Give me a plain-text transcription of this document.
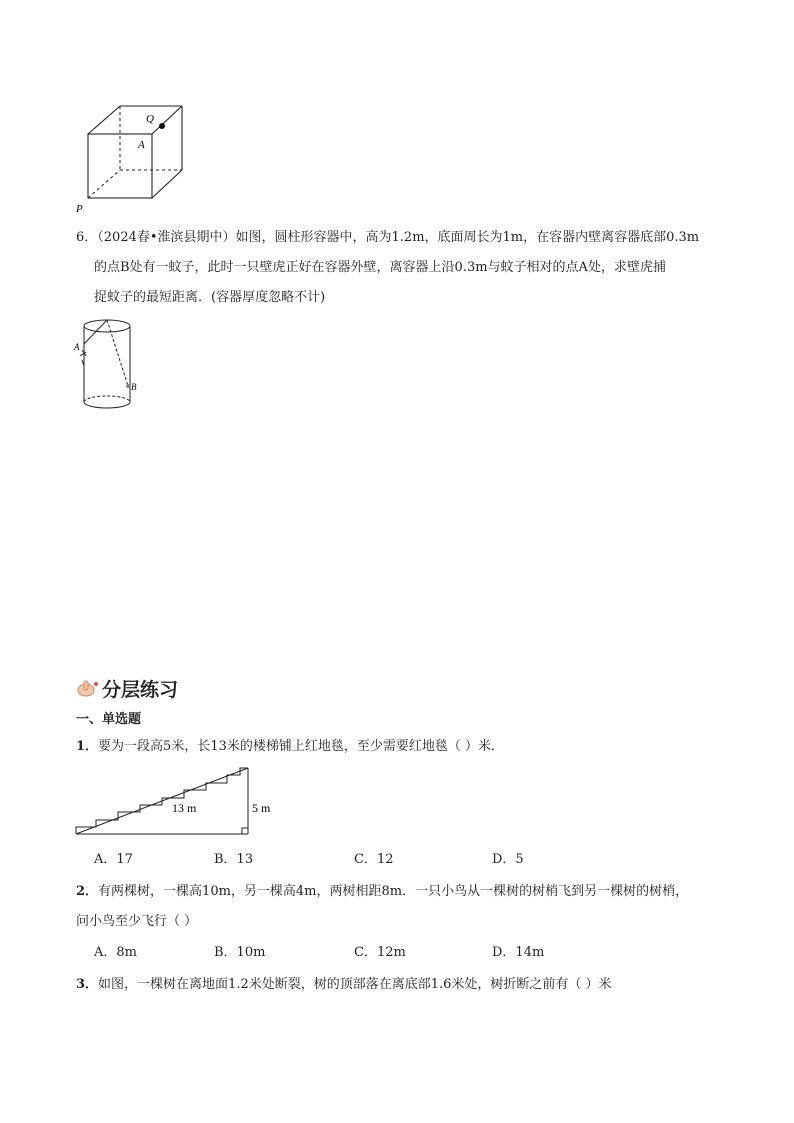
Q
A
P
6．（2024春•淮滨县期中）如图，圆柱形容器中，高为1.2m，底面周长为1m，在容器内壁离容器底部0.3m
的点B处有一蚊子，此时一只壁虎正好在容器外壁，离容器上沿0.3m与蚊子相对的点A处，求壁虎捕
捉蚊子的最短距离．(容器厚度忽略不计)
A
B
分层练习
一、单选题
1．要为一段高5米，长13米的楼梯铺上红地毯，至少需要红地毯（ ）米．
13 m	5 m
A．17	B．13	C．12	D．5
2．有两棵树，一棵高10m，另一棵高4m，两树相距8m．一只小鸟从一棵树的树梢飞到另一棵树的树梢，
问小鸟至少飞行（ ）
A．8m	B．10m	C．12m	D．14m
3．如图，一棵树在离地面1.2米处断裂，树的顶部落在离底部1.6米处，树折断之前有（ ）米
